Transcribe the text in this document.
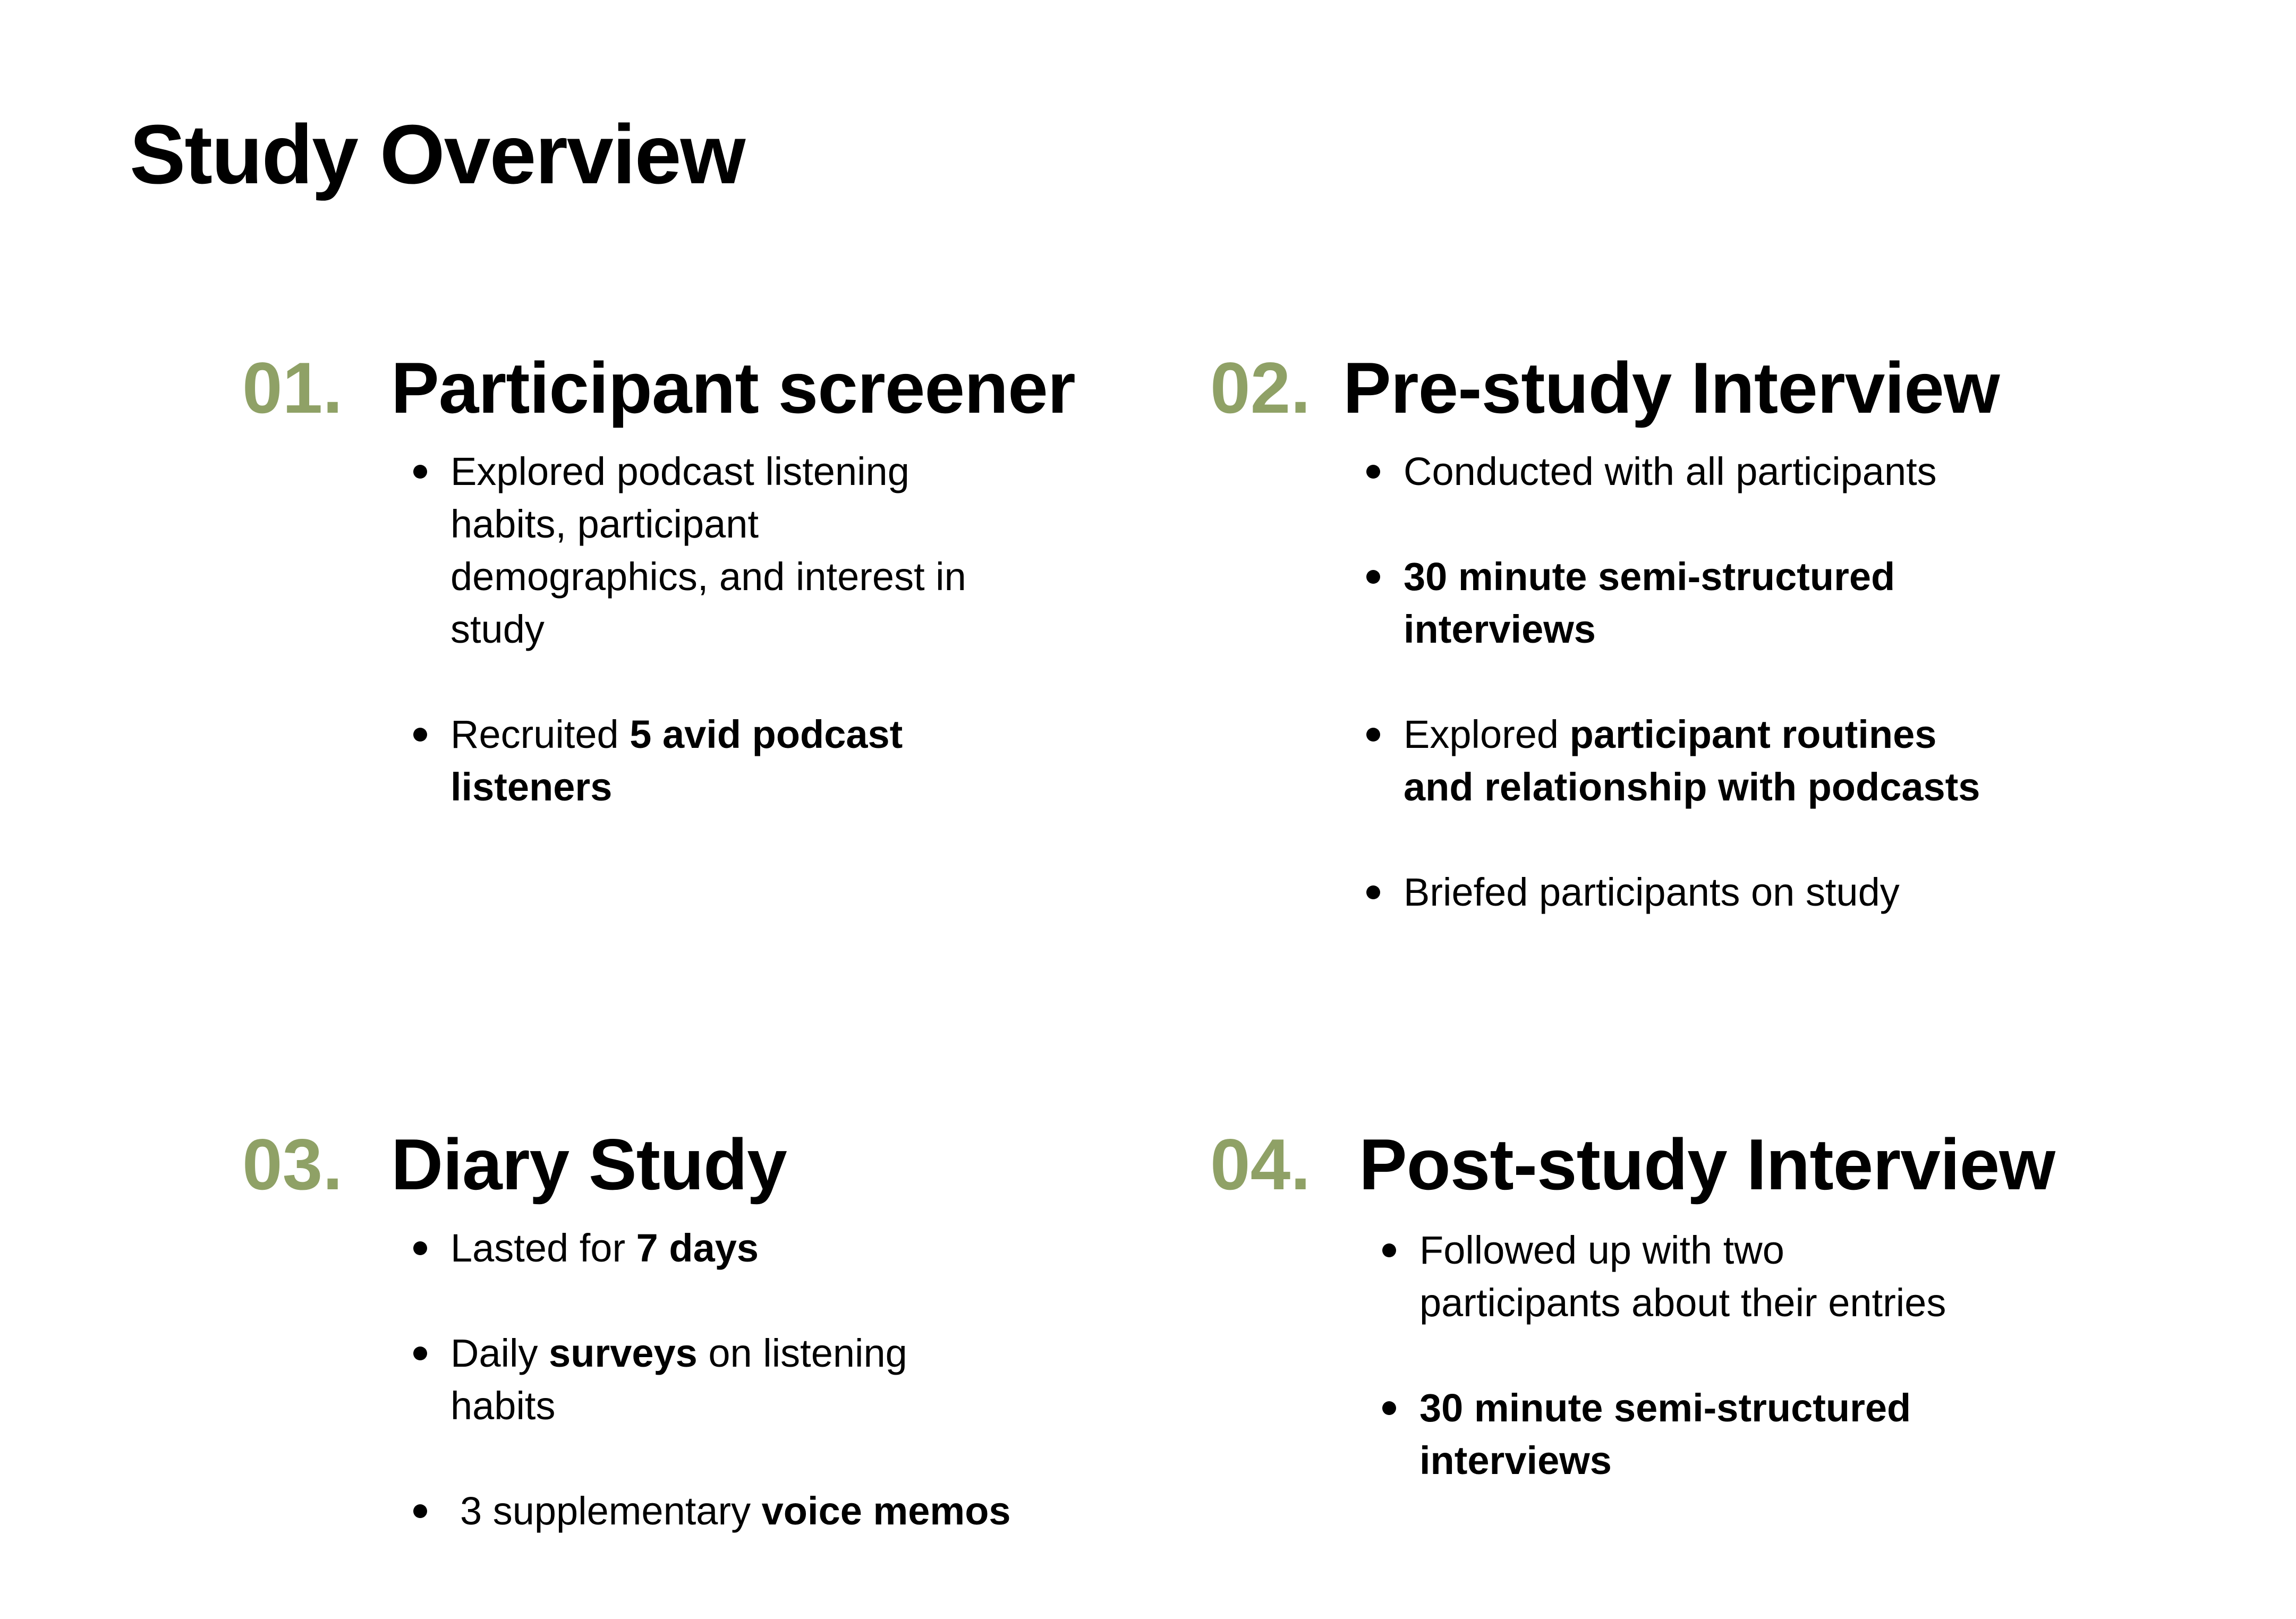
Study Overview
01. Participant screener
Explored podcast listening habits, participant demographics, and interest in study
Recruited 5 avid podcast listeners
02. Pre-study Interview
Conducted with all participants
30 minute semi-structured interviews
Explored participant routines and relationship with podcasts
Briefed participants on study
03. Diary Study
Lasted for 7 days
Daily surveys on listening habits
3 supplementary voice memos
04. Post-study Interview
Followed up with two participants about their entries
30 minute semi-structured interviews
